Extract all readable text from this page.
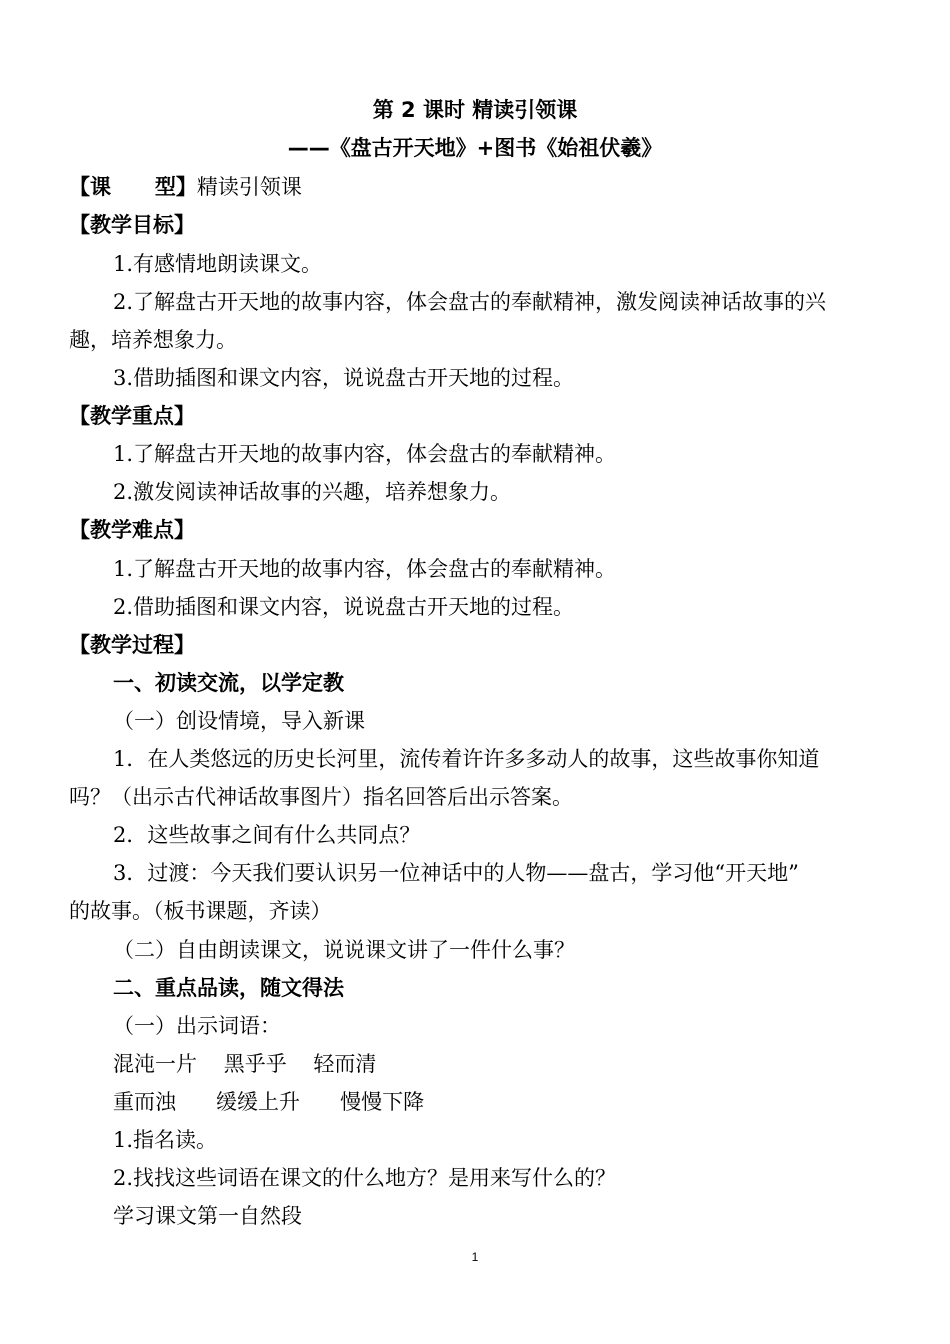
第 2 课时 精读引领课
——《盘古开天地》+图书《始祖伏羲》
【课      型】精读引领课
【教学目标】
1.有感情地朗读课文。
2.了解盘古开天地的故事内容，体会盘古的奉献精神，激发阅读神话故事的兴
趣，培养想象力。
3.借助插图和课文内容，说说盘古开天地的过程。
【教学重点】
1.了解盘古开天地的故事内容，体会盘古的奉献精神。
2.激发阅读神话故事的兴趣，培养想象力。
【教学难点】
1.了解盘古开天地的故事内容，体会盘古的奉献精神。
2.借助插图和课文内容，说说盘古开天地的过程。
【教学过程】
一、初读交流，以学定教
（一）创设情境，导入新课
1．在人类悠远的历史长河里，流传着许许多多动人的故事，这些故事你知道
吗？（出示古代神话故事图片）指名回答后出示答案。
2．这些故事之间有什么共同点？
3．过渡：今天我们要认识另一位神话中的人物——盘古，学习他“开天地”
的故事。（板书课题，齐读）
（二）自由朗读课文，说说课文讲了一件什么事？
二、重点品读，随文得法
（一）出示词语：
混沌一片    黑乎乎    轻而清
重而浊      缓缓上升      慢慢下降
1.指名读。
2.找找这些词语在课文的什么地方？是用来写什么的？
学习课文第一自然段
1
